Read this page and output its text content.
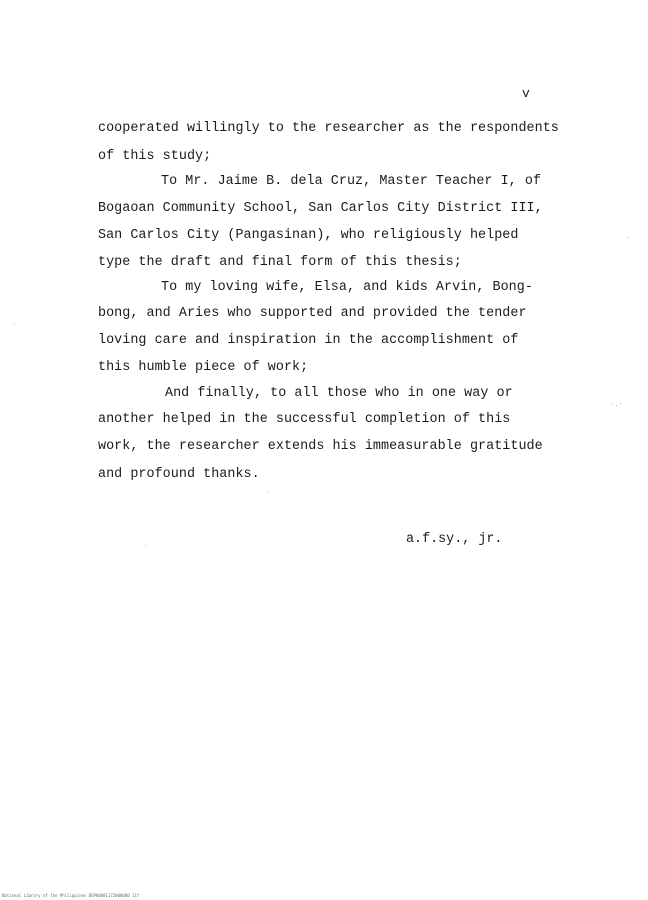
v
cooperated willingly to the researcher as the respondents
of this study;
To Mr. Jaime B. dela Cruz, Master Teacher I, of
Bogaoan Community School, San Carlos City District III,
San Carlos City (Pangasinan), who religiously helped
type the draft and final form of this thesis;
To my loving wife, Elsa, and kids Arvin, Bong-
bong, and Aries who supported and provided the tender
loving care and inspiration in the accomplishment of
this humble piece of work;
And finally, to all those who in one way or
another helped in the successful completion of this
work, the researcher extends his immeasurable gratitude
and profound thanks.
a.f.sy., jr.
National Library of the Philippines BSP00001172000000 11f
